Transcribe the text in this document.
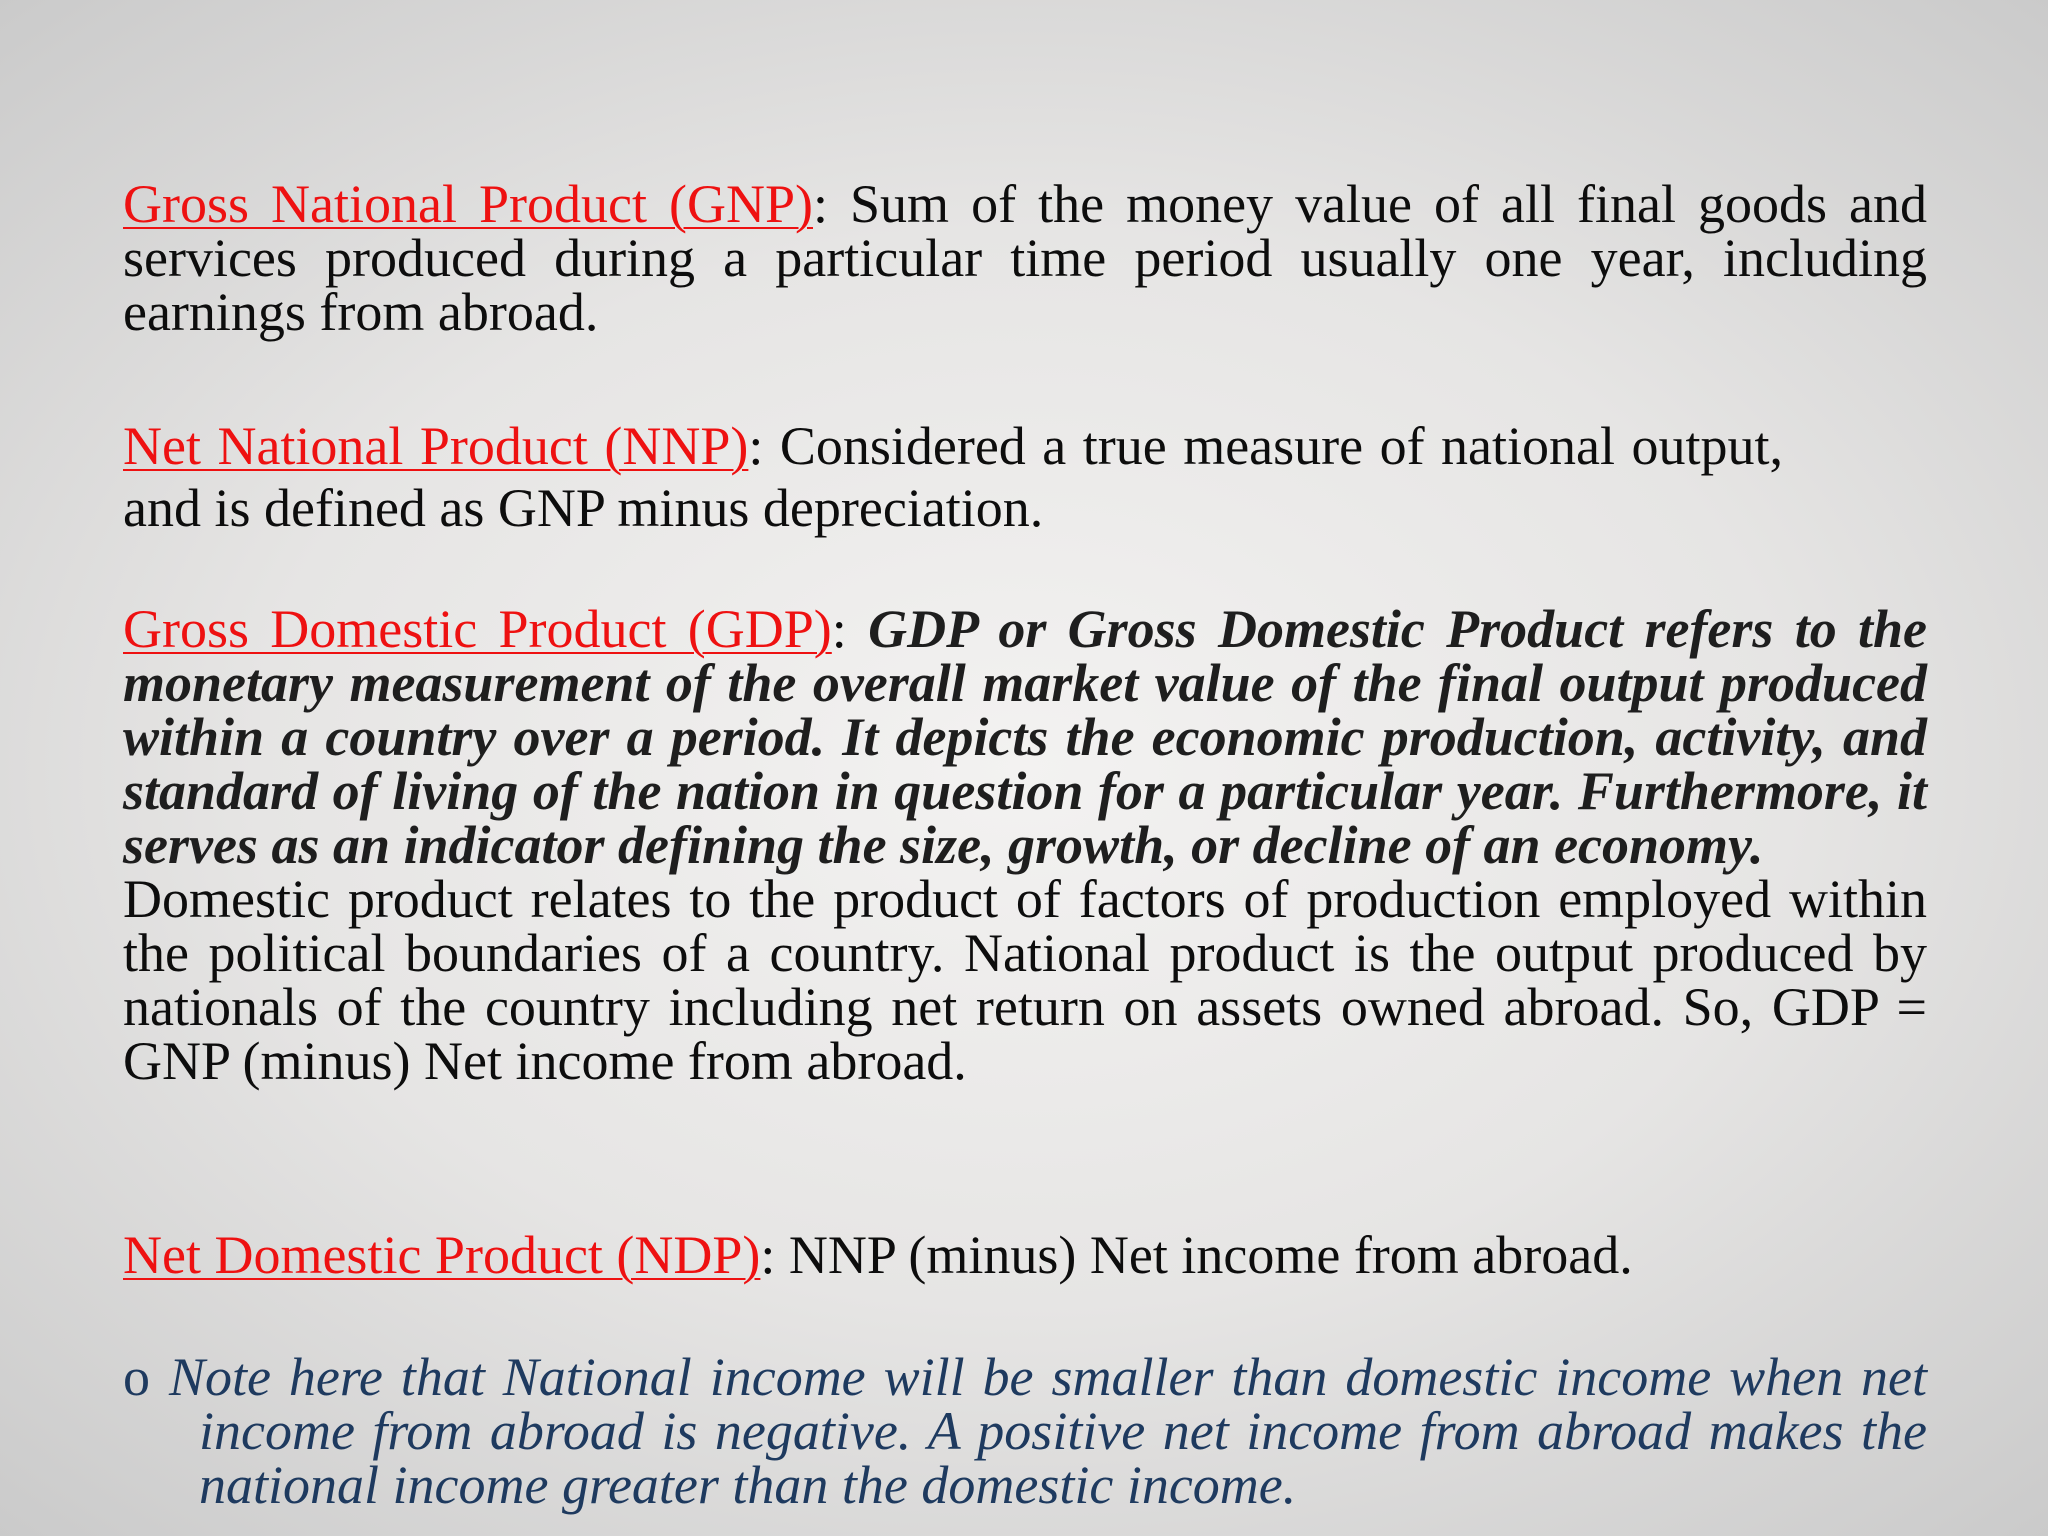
Gross National Product (GNP): Sum of the money value of all final goods and services produced during a particular time period usually one year, including earnings from abroad.

Net National Product (NNP): Considered a true measure of national output, and is defined as GNP minus depreciation.

Gross Domestic Product (GDP): GDP or Gross Domestic Product refers to the monetary measurement of the overall market value of the final output produced within a country over a period. It depicts the economic production, activity, and standard of living of the nation in question for a particular year. Furthermore, it serves as an indicator defining the size, growth, or decline of an economy.
Domestic product relates to the product of factors of production employed within the political boundaries of a country. National product is the output produced by nationals of the country including net return on assets owned abroad. So, GDP = GNP (minus) Net income from abroad.

Net Domestic Product (NDP): NNP (minus) Net income from abroad.

o Note here that National income will be smaller than domestic income when net income from abroad is negative. A positive net income from abroad makes the national income greater than the domestic income.
